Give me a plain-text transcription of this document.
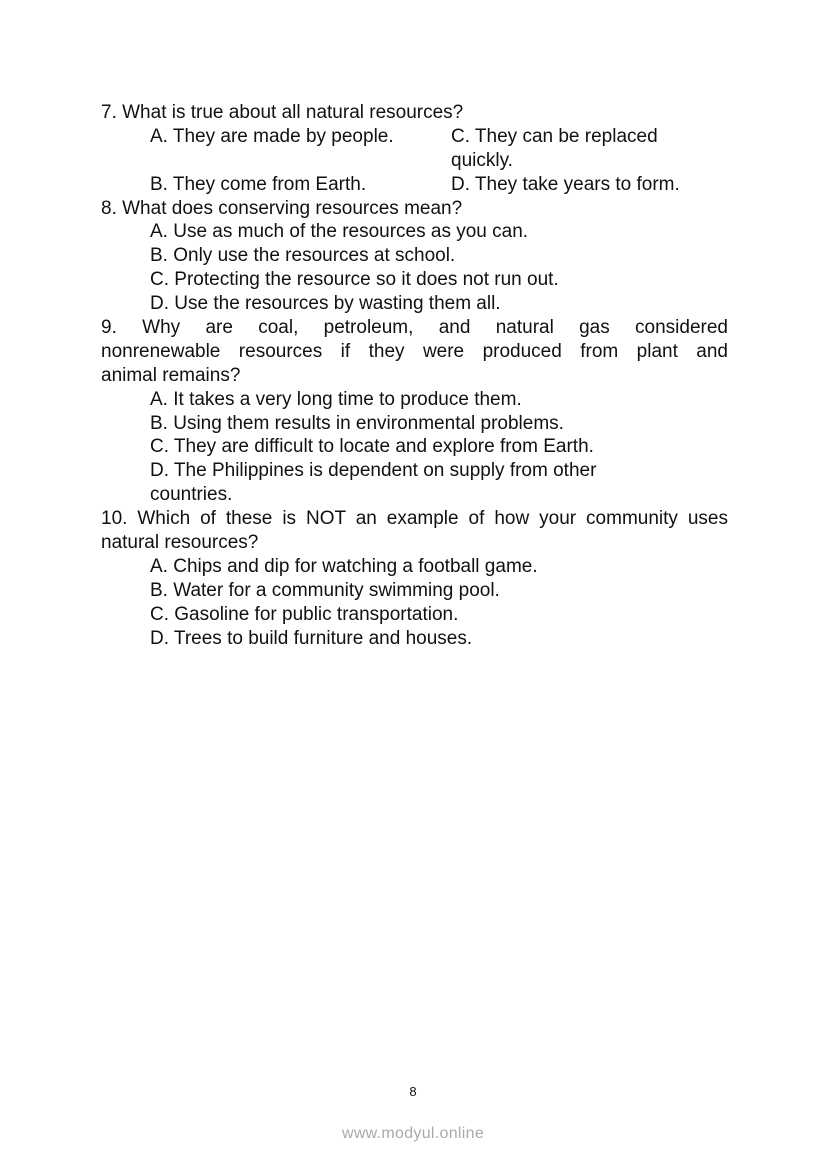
7. What is true about all natural resources?
A. They are made by people.	C. They can be replaced
quickly.
B. They come from Earth.	D. They take years to form.
8. What does conserving resources mean?
A. Use as much of the resources as you can.
B. Only use the resources at school.
C. Protecting the resource so it does not run out.
D. Use the resources by wasting them all.
9. Why are coal, petroleum, and natural gas considered
nonrenewable resources if they were produced from plant and
animal remains?
A. It takes a very long time to produce them.
B. Using them results in environmental problems.
C. They are difficult to locate and explore from Earth.
D. The Philippines is dependent on supply from other
countries.
10. Which of these is NOT an example of how your community uses
natural resources?
A. Chips and dip for watching a football game.
B. Water for a community swimming pool.
C. Gasoline for public transportation.
D. Trees to build furniture and houses.
8
www.modyul.online
